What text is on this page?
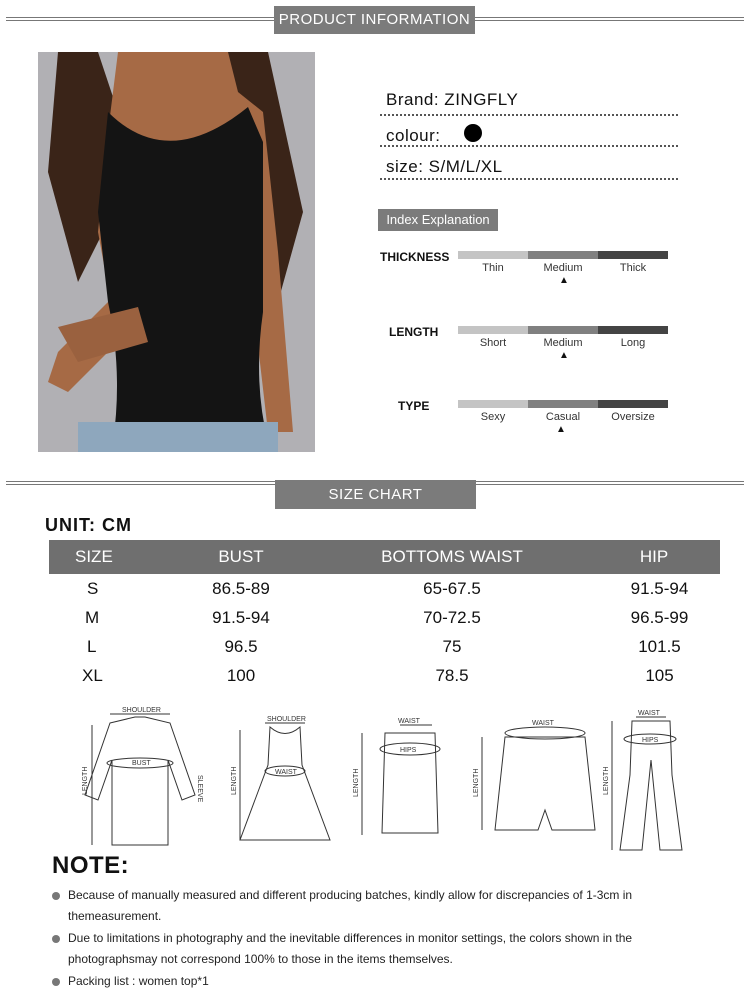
PRODUCT INFORMATION
Brand: ZINGFLY
colour:
size: S/M/L/XL
Index Explanation
THICKNESS
Thin	Medium	Thick
▲
LENGTH
Short	Medium	Long
▲
TYPE
Sexy	Casual	Oversize
▲
SIZE CHART
UNIT: CM
SIZE	BUST	BOTTOMS WAIST	HIP
S	86.5-89	65-67.5	91.5-94
M	91.5-94	70-72.5	96.5-99
L	96.5	75	101.5
XL	100	78.5	105
SHOULDER
BUST
LENGTH	SLEEVE
SHOULDER
WAIST
LENGTH
WAIST
HIPS
LENGTH
WAIST
LENGTH
WAIST
HIPS
LENGTH
NOTE:
Because of manually measured and different producing batches, kindly allow for discrepancies of 1-3cm in themeasurement.
Due to limitations in photography and the inevitable differences in monitor settings, the colors shown in the photographsmay not correspond 100% to those in the items themselves.
Packing list : women top*1
